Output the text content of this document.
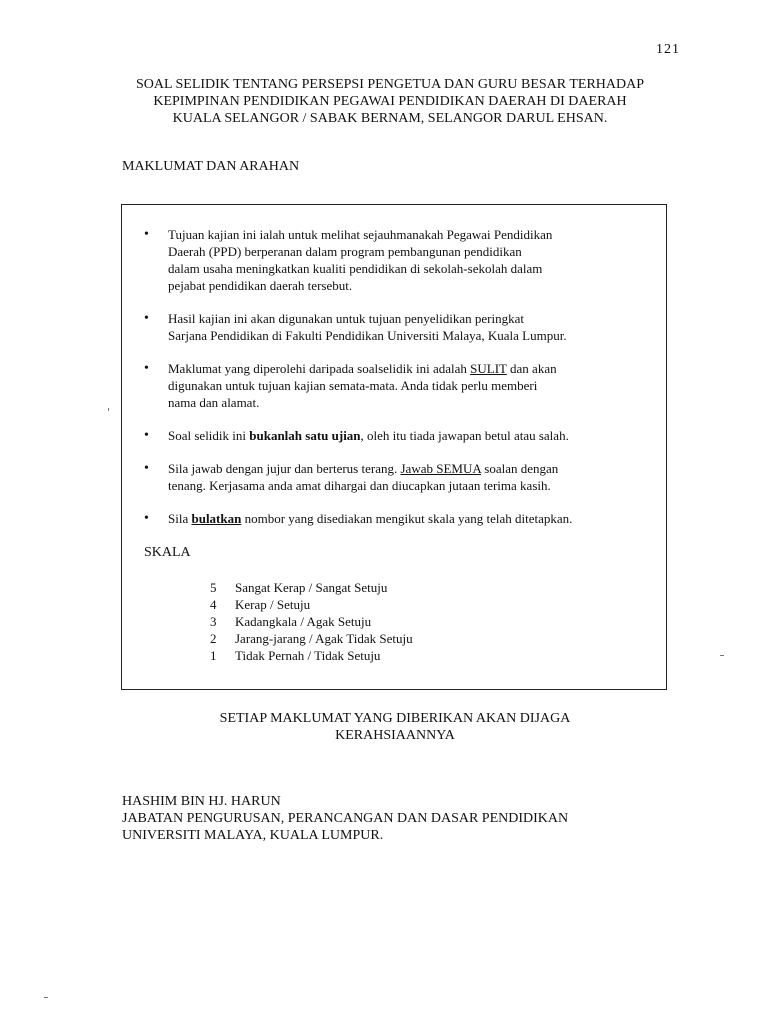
121
SOAL SELIDIK TENTANG PERSEPSI PENGETUA DAN GURU BESAR TERHADAP
KEPIMPINAN PENDIDIKAN PEGAWAI PENDIDIKAN DAERAH DI DAERAH
KUALA SELANGOR / SABAK BERNAM, SELANGOR DARUL EHSAN.
MAKLUMAT DAN ARAHAN
• Tujuan kajian ini ialah untuk melihat sejauhmanakah Pegawai Pendidikan
Daerah (PPD) berperanan dalam program pembangunan pendidikan
dalam usaha meningkatkan kualiti pendidikan di sekolah-sekolah dalam
pejabat pendidikan daerah tersebut.
• Hasil kajian ini akan digunakan untuk tujuan penyelidikan peringkat
Sarjana Pendidikan di Fakulti Pendidikan Universiti Malaya, Kuala Lumpur.
• Maklumat yang diperolehi daripada soalselidik ini adalah SULIT dan akan
digunakan untuk tujuan kajian semata-mata. Anda tidak perlu memberi
nama dan alamat.
• Soal selidik ini bukanlah satu ujian, oleh itu tiada jawapan betul atau salah.
• Sila jawab dengan jujur dan berterus terang. Jawab SEMUA soalan dengan
tenang. Kerjasama anda amat dihargai dan diucapkan jutaan terima kasih.
• Sila bulatkan nombor yang disediakan mengikut skala yang telah ditetapkan.
SKALA
5	Sangat Kerap / Sangat Setuju
4	Kerap / Setuju
3	Kadangkala / Agak Setuju
2	Jarang-jarang / Agak Tidak Setuju
1	Tidak Pernah / Tidak Setuju
SETIAP MAKLUMAT YANG DIBERIKAN AKAN DIJAGA
KERAHSIAANNYA
HASHIM BIN HJ. HARUN
JABATAN PENGURUSAN, PERANCANGAN DAN DASAR PENDIDIKAN
UNIVERSITI MALAYA, KUALA LUMPUR.
